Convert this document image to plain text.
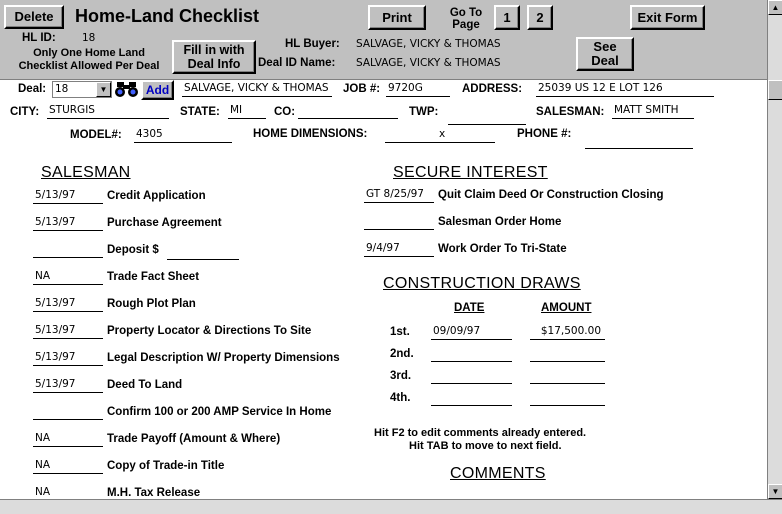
Delete	Home-Land Checklist	Print	Go To Page
1	2	Exit Form
HL ID:	18
Only One Home Land Checklist Allowed Per Deal
Fill in with Deal Info
HL Buyer: SALVAGE, VICKY & THOMAS
Deal ID Name: SALVAGE, VICKY & THOMAS
See Deal
Deal: 18	▼	Add	SALVAGE, VICKY & THOMAS JOB #: 9720G	ADDRESS: 25039 US 12 E LOT 126
CITY: STURGIS	STATE: MI	CO:	TWP:	SALESMAN: MATT SMITH
MODEL#: 4305	HOME DIMENSIONS:	x	PHONE #:
SALESMAN
5/13/97	Credit Application
5/13/97	Purchase Agreement
Deposit $
NA	Trade Fact Sheet
5/13/97	Rough Plot Plan
5/13/97	Property Locator & Directions To Site
5/13/97	Legal Description W/ Property Dimensions
5/13/97	Deed To Land
Confirm 100 or 200 AMP Service In Home
NA	Trade Payoff (Amount & Where)
NA	Copy of Trade-in Title
NA	M.H. Tax Release
SECURE INTEREST
GT 8/25/97	Quit Claim Deed Or Construction Closing
Salesman Order Home
9/4/97	Work Order To Tri-State
CONSTRUCTION DRAWS
DATE	AMOUNT
1st. 09/09/97	$17,500.00
2nd.
3rd.
4th.
Hit F2 to edit comments already entered.
Hit TAB to move to next field.
COMMENTS
▲
▼
